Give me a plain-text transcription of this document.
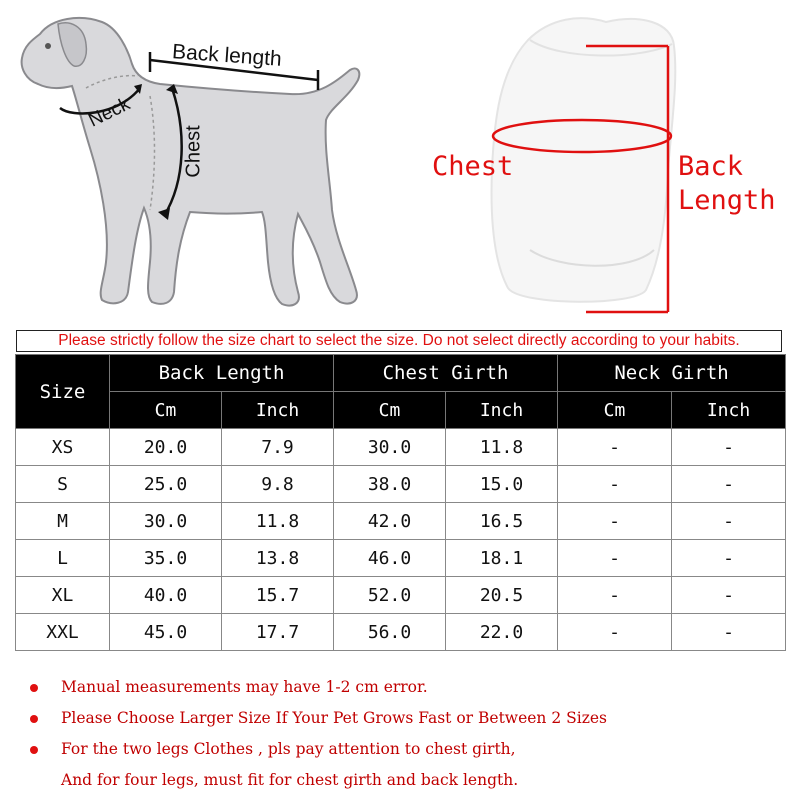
Back length
Neck
Chest	Chest	Back
Length
Please strictly follow the size chart to select the size. Do not select directly according to your habits.
Size	Back Length		Chest Girth		Neck Girth	
	Cm	Inch	Cm	Inch	Cm	Inch
XS	20.0	7.9	30.0	11.8	-	-
S	25.0	9.8	38.0	15.0	-	-
M	30.0	11.8	42.0	16.5	-	-
L	35.0	13.8	46.0	18.1	-	-
XL	40.0	15.7	52.0	20.5	-	-
XXL	45.0	17.7	56.0	22.0	-	-
Manual measurements may have 1-2 cm error.
Please Choose Larger Size If Your Pet Grows Fast or Between 2 Sizes
For the two legs Clothes , pls pay attention to chest girth,
And for four legs, must fit for chest girth and back length.
